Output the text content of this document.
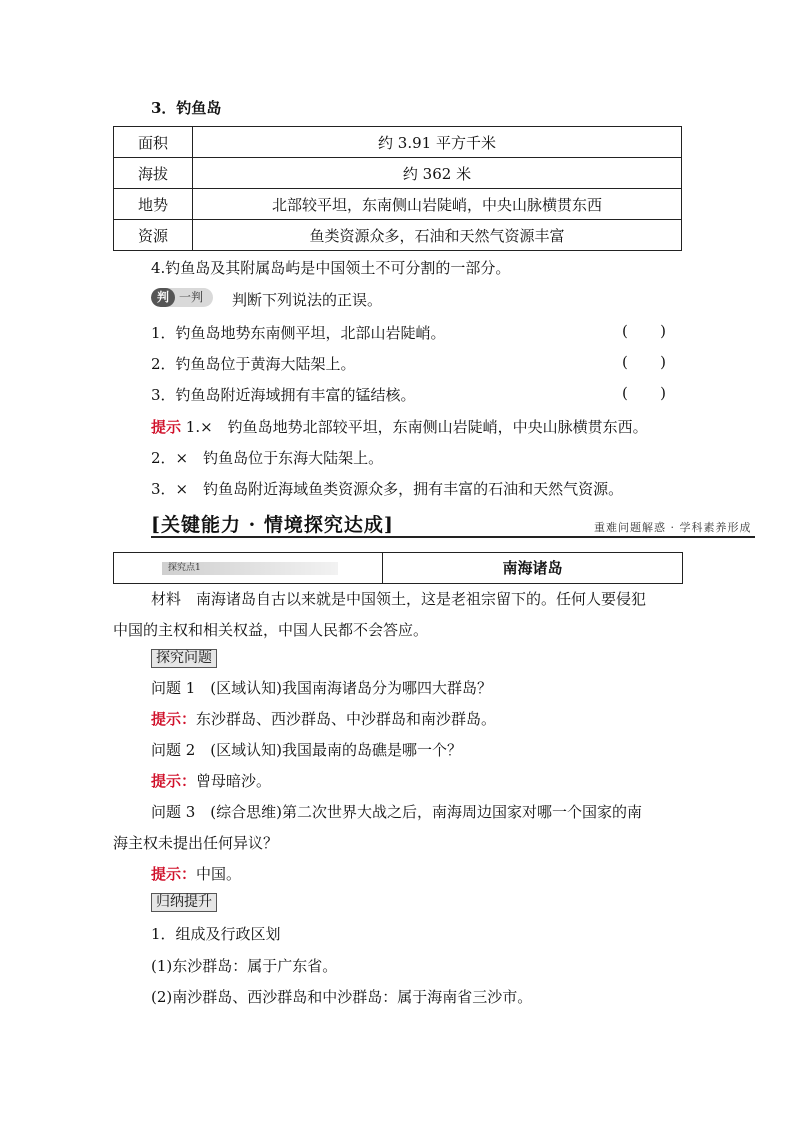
3．钓鱼岛
面积	约 3.91 平方千米
海拔	约 362 米
地势	北部较平坦，东南侧山岩陡峭，中央山脉横贯东西
资源	鱼类资源众多，石油和天然气资源丰富
4.钓鱼岛及其附属岛屿是中国领土不可分割的一部分。
判 一判 判断下列说法的正误。
1．钓鱼岛地势东南侧平坦，北部山岩陡峭。	( )
2．钓鱼岛位于黄海大陆架上。	( )
3．钓鱼岛附近海域拥有丰富的锰结核。	( )
提示 1.×　钓鱼岛地势北部较平坦，东南侧山岩陡峭，中央山脉横贯东西。
2．×　钓鱼岛位于东海大陆架上。
3．×　钓鱼岛附近海域鱼类资源众多，拥有丰富的石油和天然气资源。
[关键能力 · 情境探究达成]	重难问题解惑 · 学科素养形成
探究点1	南海诸岛
材料　南海诸岛自古以来就是中国领土，这是老祖宗留下的。任何人要侵犯
中国的主权和相关权益，中国人民都不会答应。
探究问题
问题 1　(区域认知)我国南海诸岛分为哪四大群岛？
提示：东沙群岛、西沙群岛、中沙群岛和南沙群岛。
问题 2　(区域认知)我国最南的岛礁是哪一个？
提示：曾母暗沙。
问题 3　(综合思维)第二次世界大战之后，南海周边国家对哪一个国家的南
海主权未提出任何异议？
提示：中国。
归纳提升
1．组成及行政区划
(1)东沙群岛：属于广东省。
(2)南沙群岛、西沙群岛和中沙群岛：属于海南省三沙市。
